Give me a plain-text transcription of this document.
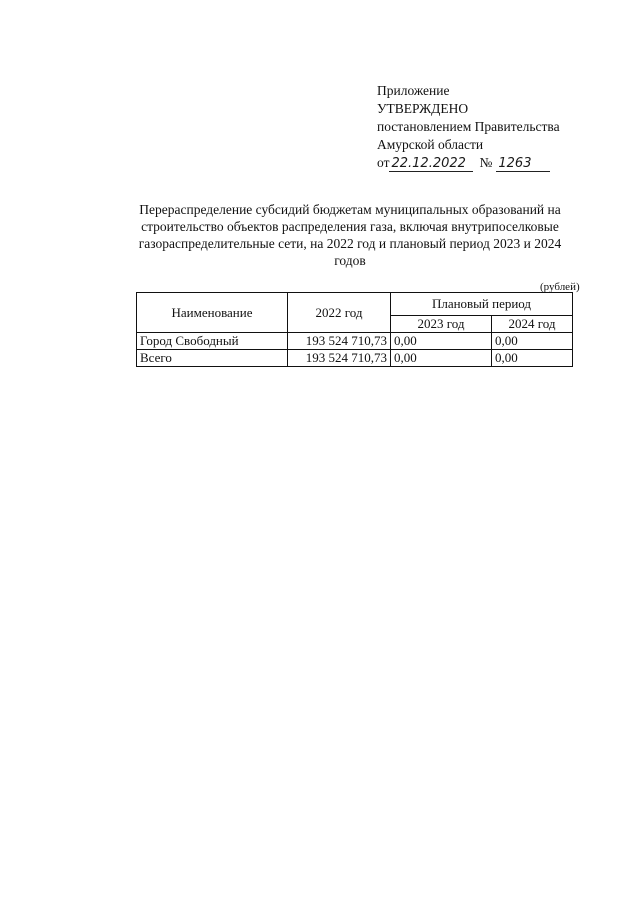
Приложение
УТВЕРЖДЕНО
постановлением Правительства
Амурской области
от 22.12.2022	№ 1263
Перераспределение субсидий бюджетам муниципальных образований на
строительство объектов распределения газа, включая внутрипоселковые
газораспределительные сети, на 2022 год и плановый период 2023 и 2024
годов
(рублей)
Наименование	2022 год	Плановый период	
		2023 год	2024 год
Город Свободный	193 524 710,73	0,00	0,00
Всего	193 524 710,73	0,00	0,00
